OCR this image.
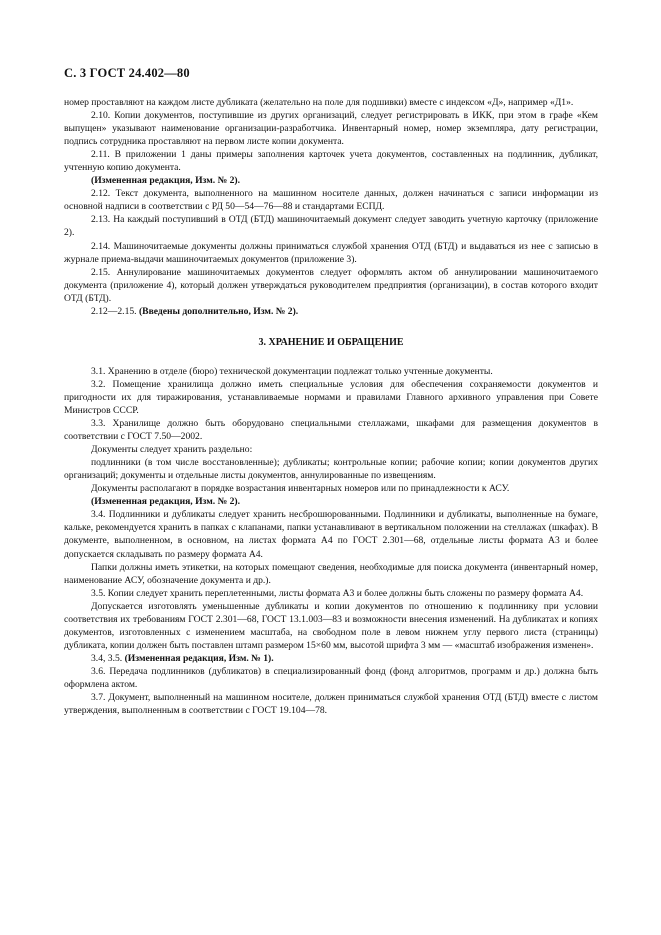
С. 3 ГОСТ 24.402—80

номер проставляют на каждом листе дубликата (желательно на поле для подшивки) вместе с индексом «Д», например «Д1».

2.10. Копии документов, поступившие из других организаций, следует регистрировать в ИКК, при этом в графе «Кем выпущен» указывают наименование организации-разработчика. Инвентарный номер, номер экземпляра, дату регистрации, подпись сотрудника проставляют на первом листе копии документа.

2.11. В приложении 1 даны примеры заполнения карточек учета документов, составленных на подлинник, дубликат, учтенную копию документа.

(Измененная редакция, Изм. № 2).

2.12. Текст документа, выполненного на машинном носителе данных, должен начинаться с записи информации из основной надписи в соответствии с РД 50—54—76—88 и стандартами ЕСПД.

2.13. На каждый поступивший в ОТД (БТД) машиночитаемый документ следует заводить учетную карточку (приложение 2).

2.14. Машиночитаемые документы должны приниматься службой хранения ОТД (БТД) и выдаваться из нее с записью в журнале приема-выдачи машиночитаемых документов (приложение 3).

2.15. Аннулирование машиночитаемых документов следует оформлять актом об аннулировании машиночитаемого документа (приложение 4), который должен утверждаться руководителем предприятия (организации), в состав которого входит ОТД (БТД).

2.12—2.15. (Введены дополнительно, Изм. № 2).

3. ХРАНЕНИЕ И ОБРАЩЕНИЕ

3.1. Хранению в отделе (бюро) технической документации подлежат только учтенные документы.

3.2. Помещение хранилища должно иметь специальные условия для обеспечения сохраняемости документов и пригодности их для тиражирования, устанавливаемые нормами и правилами Главного архивного управления при Совете Министров СССР.

3.3. Хранилище должно быть оборудовано специальными стеллажами, шкафами для размещения документов в соответствии с ГОСТ 7.50—2002.

Документы следует хранить раздельно:

подлинники (в том числе восстановленные); дубликаты; контрольные копии; рабочие копии; копии документов других организаций; документы и отдельные листы документов, аннулированные по извещениям.

Документы располагают в порядке возрастания инвентарных номеров или по принадлежности к АСУ.

(Измененная редакция, Изм. № 2).

3.4. Подлинники и дубликаты следует хранить несброшюрованными. Подлинники и дубликаты, выполненные на бумаге, кальке, рекомендуется хранить в папках с клапанами, папки устанавливают в вертикальном положении на стеллажах (шкафах). В документе, выполненном, в основном, на листах формата А4 по ГОСТ 2.301—68, отдельные листы формата А3 и более допускается складывать по размеру формата А4.

Папки должны иметь этикетки, на которых помещают сведения, необходимые для поиска документа (инвентарный номер, наименование АСУ, обозначение документа и др.).

3.5. Копии следует хранить переплетенными, листы формата А3 и более должны быть сложены по размеру формата А4.

Допускается изготовлять уменьшенные дубликаты и копии документов по отношению к подлиннику при условии соответствия их требованиям ГОСТ 2.301—68, ГОСТ 13.1.003—83 и возможности внесения изменений. На дубликатах и копиях документов, изготовленных с изменением масштаба, на свободном поле в левом нижнем углу первого листа (страницы) дубликата, копии должен быть поставлен штамп размером 15×60 мм, высотой шрифта 3 мм — «масштаб изображения изменен».

3.4, 3.5. (Измененная редакция, Изм. № 1).

3.6. Передача подлинников (дубликатов) в специализированный фонд (фонд алгоритмов, программ и др.) должна быть оформлена актом.

3.7. Документ, выполненный на машинном носителе, должен приниматься службой хранения ОТД (БТД) вместе с листом утверждения, выполненным в соответствии с ГОСТ 19.104—78.
